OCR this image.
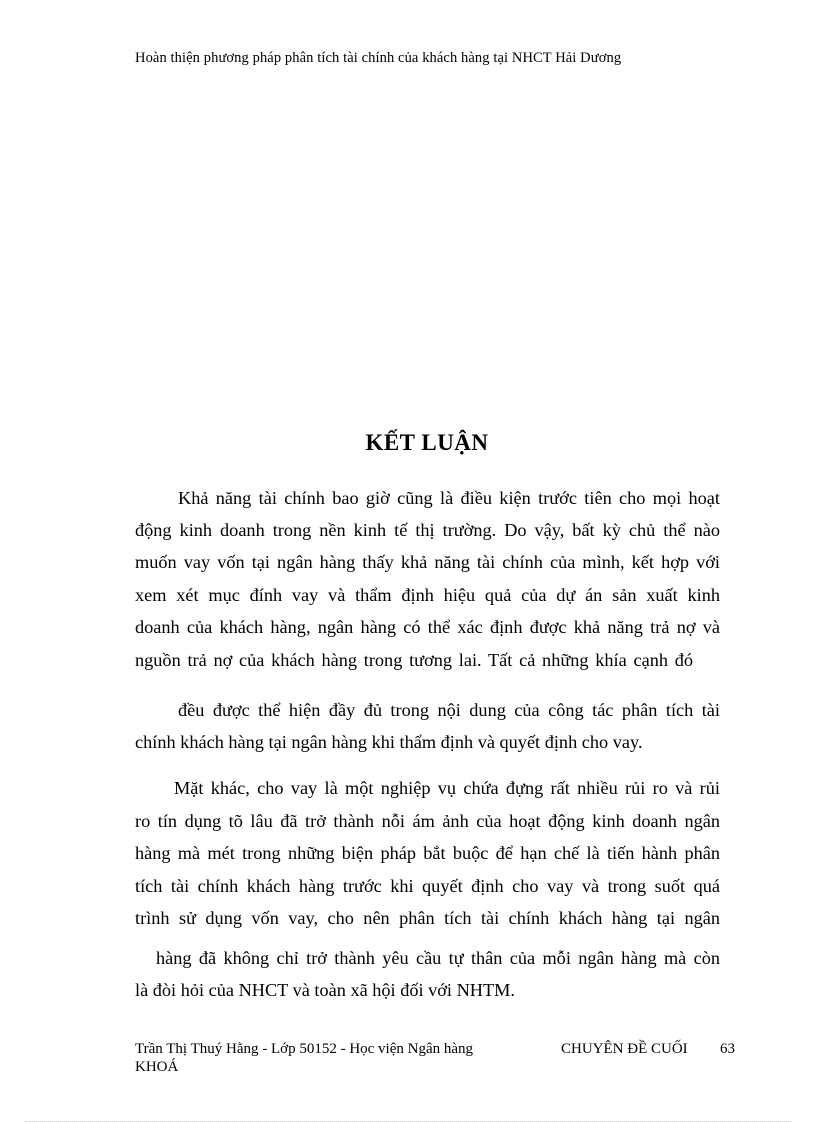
Hoàn thiện phương pháp phân tích tài chính của khách hàng tại NHCT Hải Dương
KẾT LUẬN
Khả năng tài chính bao giờ cũng là điều kiện trước tiên cho mọi hoạt
động kinh doanh trong nền kinh tế thị trường. Do vậy, bất kỳ chủ thể nào
muốn vay vốn tại ngân hàng thấy khả năng tài chính của mình, kết hợp với
xem xét mục đính vay và thẩm định hiệu quả của dự án sản xuất kinh
doanh của khách hàng, ngân hàng có thể xác định được khả năng trả nợ và
nguồn trả nợ của khách hàng trong tương lai. Tất cả những khía cạnh đó
đều được thể hiện đầy đủ trong nội dung của công tác phân tích tài
chính khách hàng tại ngân hàng khi thẩm định và quyết định cho vay.
Mặt khác, cho vay là một nghiệp vụ chứa đựng rất nhiều rủi ro và rủi
ro tín dụng tõ lâu đã trở thành nỗi ám ảnh của hoạt động kinh doanh ngân
hàng mà mét trong những biện pháp bắt buộc để hạn chế là tiến hành phân
tích tài chính khách hàng trước khi quyết định cho vay và trong suốt quá
trình sử dụng vốn vay, cho nên phân tích tài chính khách hàng tại ngân
hàng đã không chỉ trở thành yêu cầu tự thân của mỗi ngân hàng mà còn
là đòi hỏi của NHCT và toàn xã hội đối với NHTM.
Trần Thị Thuý Hằng - Lớp 50152 - Học viện Ngân hàng
KHOÁ
CHUYÊN ĐỀ CUỐI 63
